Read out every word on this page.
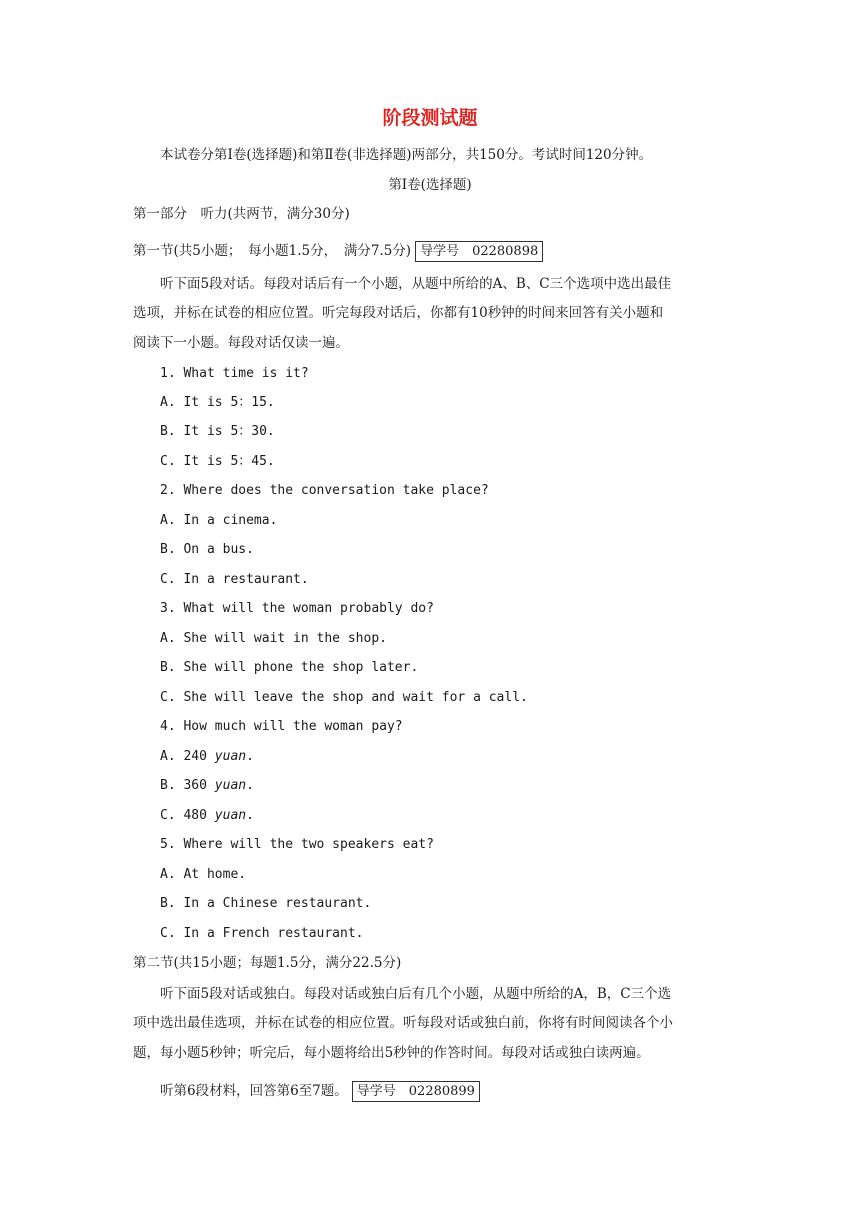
阶段测试题
本试卷分第Ⅰ卷(选择题)和第Ⅱ卷(非选择题)两部分，共150分。考试时间120分钟。
第Ⅰ卷(选择题)
第一部分　听力(共两节，满分30分)
第一节(共5小题；　每小题1.5分，　满分7.5分) 导学号　02280898
听下面5段对话。每段对话后有一个小题，从题中所给的A、B、C三个选项中选出最佳
选项，并标在试卷的相应位置。听完每段对话后，你都有10秒钟的时间来回答有关小题和
阅读下一小题。每段对话仅读一遍。
1. What time is it?
A. It is 5：15.
B. It is 5：30.
C. It is 5：45.
2. Where does the conversation take place?
A. In a cinema.
B. On a bus.
C. In a restaurant.
3. What will the woman probably do?
A. She will wait in the shop.
B. She will phone the shop later.
C. She will leave the shop and wait for a call.
4. How much will the woman pay?
A. 240 yuan.
B. 360 yuan.
C. 480 yuan.
5. Where will the two speakers eat?
A. At home.
B. In a Chinese restaurant.
C. In a French restaurant.
第二节(共15小题；每题1.5分，满分22.5分)
听下面5段对话或独白。每段对话或独白后有几个小题，从题中所给的A，B，C三个选
项中选出最佳选项，并标在试卷的相应位置。听每段对话或独白前，你将有时间阅读各个小
题，每小题5秒钟；听完后，每小题将给出5秒钟的作答时间。每段对话或独白读两遍。
听第6段材料，回答第6至7题。 导学号　02280899
